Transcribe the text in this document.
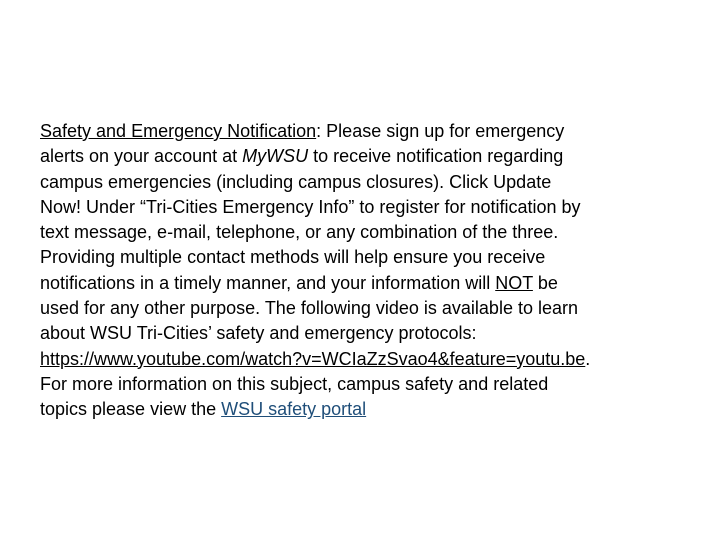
Safety and Emergency Notification: Please sign up for emergency
alerts on your account at MyWSU to receive notification regarding
campus emergencies (including campus closures). Click Update
Now! Under “Tri-Cities Emergency Info” to register for notification by
text message, e-mail, telephone, or any combination of the three.
Providing multiple contact methods will help ensure you receive
notifications in a timely manner, and your information will NOT be
used for any other purpose. The following video is available to learn
about WSU Tri-Cities’ safety and emergency protocols:
https://www.youtube.com/watch?v=WCIaZzSvao4&feature=youtu.be.
For more information on this subject, campus safety and related
topics please view the WSU safety portal
